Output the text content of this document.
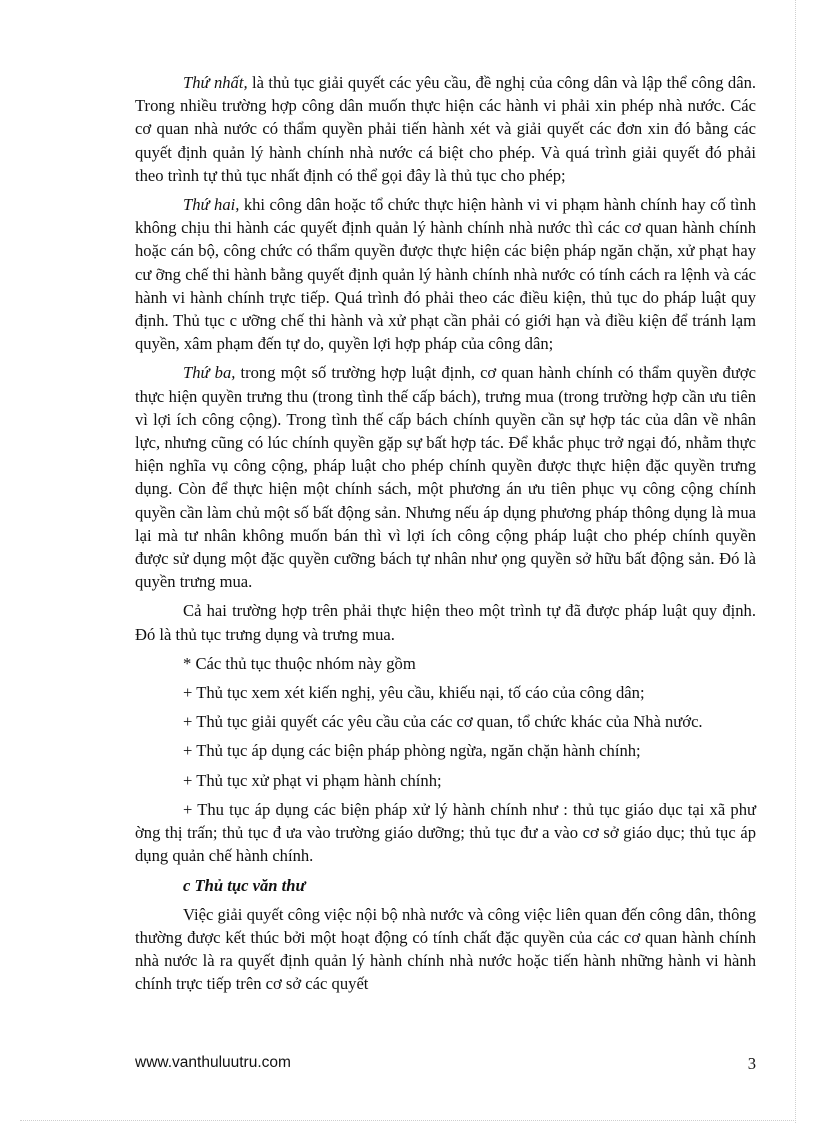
Thứ nhất, là thủ tục giải quyết các yêu cầu, đề nghị của công dân và lập thể công dân. Trong nhiều trường hợp công dân muốn thực hiện các hành vi phải xin phép nhà nước. Các cơ quan nhà nước có thẩm quyền phải tiến hành xét và giải quyết các đơn xin đó bằng các quyết định quản lý hành chính nhà nước cá biệt cho phép. Và quá trình giải quyết đó phải theo trình tự thủ tục nhất định có thể gọi đây là thủ tục cho phép;

Thứ hai, khi công dân hoặc tổ chức thực hiện hành vi vi phạm hành chính hay cố tình không chịu thi hành các quyết định quản lý hành chính nhà nước thì các cơ quan hành chính hoặc cán bộ, công chức có thẩm quyền được thực hiện các biện pháp ngăn chặn, xử phạt hay cư ỡng chế thi hành bằng quyết định quản lý hành chính nhà nước có tính cách ra lệnh và các hành vi hành chính trực tiếp. Quá trình đó phải theo các điều kiện, thủ tục do pháp luật quy định. Thủ tục c ưỡng chế thi hành và xử phạt cần phải có giới hạn và điều kiện để tránh lạm quyền, xâm phạm đến tự do, quyền lợi hợp pháp của công dân;

Thứ ba, trong một số trường hợp luật định, cơ quan hành chính có thẩm quyền được thực hiện quyền trưng thu (trong tình thế cấp bách), trưng mua (trong trường hợp cần ưu tiên vì lợi ích công cộng). Trong tình thế cấp bách chính quyền cần sự hợp tác của dân về nhân lực, nhưng cũng có lúc chính quyền gặp sự bất hợp tác. Để khắc phục trở ngại đó, nhằm thực hiện nghĩa vụ công cộng, pháp luật cho phép chính quyền được thực hiện đặc quyền trưng dụng. Còn để thực hiện một chính sách, một phương án ưu tiên phục vụ công cộng chính quyền cần làm chủ một số bất động sản. Nhưng nếu áp dụng phương pháp thông dụng là mua lại mà tư nhân không muốn bán thì vì lợi ích công cộng pháp luật cho phép chính quyền được sử dụng một đặc quyền cưỡng bách tự nhân như ọng quyền sở hữu bất động sản. Đó là quyền trưng mua.

Cả hai trường hợp trên phải thực hiện theo một trình tự đã được pháp luật quy định. Đó là thủ tục trưng dụng và trưng mua.

* Các thủ tục thuộc nhóm này gồm

+ Thủ tục xem xét kiến nghị, yêu cầu, khiếu nại, tố cáo của công dân;

+ Thủ tục giải quyết các yêu cầu của các cơ quan, tổ chức khác của Nhà nước.

+ Thủ tục áp dụng các biện pháp phòng ngừa, ngăn chặn hành chính;

+ Thủ tục xử phạt vi phạm hành chính;

+ Thu tục áp dụng các biện pháp xử lý hành chính như : thủ tục giáo dục tại xã phư ờng thị trấn; thủ tục đ ưa vào trường giáo dưỡng; thủ tục đư a vào cơ sở giáo dục; thủ tục áp dụng quản chế hành chính.

c Thủ tục văn thư

Việc giải quyết công việc nội bộ nhà nước và công việc liên quan đến công dân, thông thường được kết thúc bởi một hoạt động có tính chất đặc quyền của các cơ quan hành chính nhà nước là ra quyết định quản lý hành chính nhà nước hoặc tiến hành những hành vi hành chính trực tiếp trên cơ sở các quyết

www.vanthuluutru.com	3
